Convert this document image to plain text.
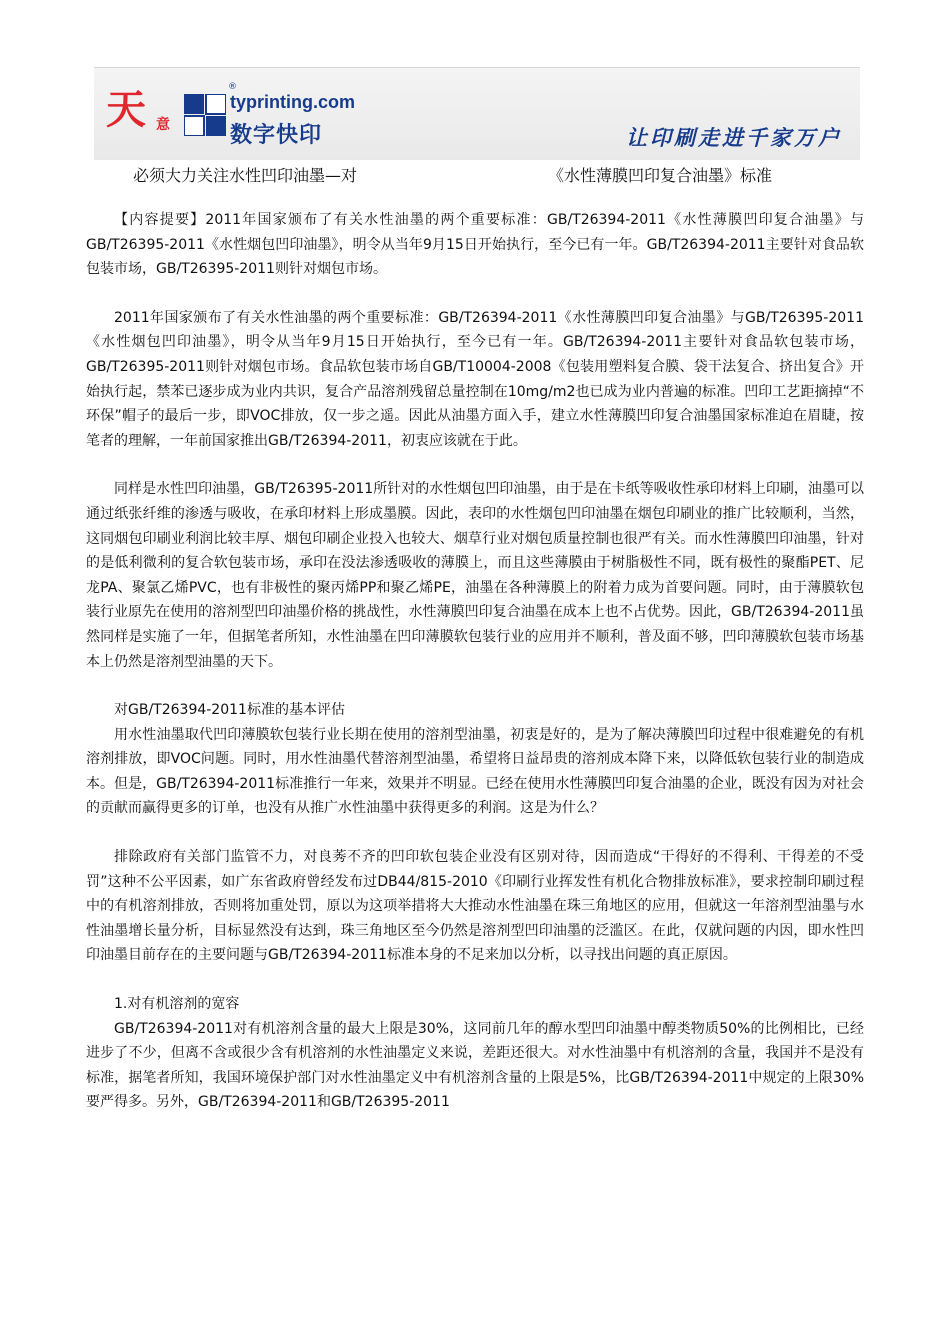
天 意
®
typrinting.com
数字快印	让印刷走进千家万户
必须大力关注水性凹印油墨—对	《水性薄膜凹印复合油墨》标准

【内容提要】2011年国家颁布了有关水性油墨的两个重要标准：GB/T26394-2011《水性薄膜凹印复合油墨》与GB/T26395-2011《水性烟包凹印油墨》，明令从当年9月15日开始执行，至今已有一年。GB/T26394-2011主要针对食品软包装市场，GB/T26395-2011则针对烟包市场。

2011年国家颁布了有关水性油墨的两个重要标准：GB/T26394-2011《水性薄膜凹印复合油墨》与GB/T26395-2011《水性烟包凹印油墨》，明令从当年9月15日开始执行，至今已有一年。GB/T26394-2011主要针对食品软包装市场，GB/T26395-2011则针对烟包市场。食品软包装市场自GB/T10004-2008《包装用塑料复合膜、袋干法复合、挤出复合》开始执行起，禁苯已逐步成为业内共识，复合产品溶剂残留总量控制在10mg/m2也已成为业内普遍的标准。凹印工艺距摘掉“不环保”帽子的最后一步，即VOC排放，仅一步之遥。因此从油墨方面入手，建立水性薄膜凹印复合油墨国家标准迫在眉睫，按笔者的理解，一年前国家推出GB/T26394-2011，初衷应该就在于此。

同样是水性凹印油墨，GB/T26395-2011所针对的水性烟包凹印油墨，由于是在卡纸等吸收性承印材料上印刷，油墨可以通过纸张纤维的渗透与吸收，在承印材料上形成墨膜。因此，表印的水性烟包凹印油墨在烟包印刷业的推广比较顺利，当然，这同烟包印刷业利润比较丰厚、烟包印刷企业投入也较大、烟草行业对烟包质量控制也很严有关。而水性薄膜凹印油墨，针对的是低利微利的复合软包装市场，承印在没法渗透吸收的薄膜上，而且这些薄膜由于树脂极性不同，既有极性的聚酯PET、尼龙PA、聚氯乙烯PVC，也有非极性的聚丙烯PP和聚乙烯PE，油墨在各种薄膜上的附着力成为首要问题。同时，由于薄膜软包装行业原先在使用的溶剂型凹印油墨价格的挑战性，水性薄膜凹印复合油墨在成本上也不占优势。因此，GB/T26394-2011虽然同样是实施了一年，但据笔者所知，水性油墨在凹印薄膜软包装行业的应用并不顺利，普及面不够，凹印薄膜软包装市场基本上仍然是溶剂型油墨的天下。

对GB/T26394-2011标准的基本评估

用水性油墨取代凹印薄膜软包装行业长期在使用的溶剂型油墨，初衷是好的，是为了解决薄膜凹印过程中很难避免的有机溶剂排放，即VOC问题。同时，用水性油墨代替溶剂型油墨，希望将日益昂贵的溶剂成本降下来，以降低软包装行业的制造成本。但是，GB/T26394-2011标准推行一年来，效果并不明显。已经在使用水性薄膜凹印复合油墨的企业，既没有因为对社会的贡献而赢得更多的订单，也没有从推广水性油墨中获得更多的利润。这是为什么？

排除政府有关部门监管不力，对良莠不齐的凹印软包装企业没有区别对待，因而造成“干得好的不得利、干得差的不受罚”这种不公平因素，如广东省政府曾经发布过DB44/815-2010《印刷行业挥发性有机化合物排放标准》，要求控制印刷过程中的有机溶剂排放，否则将加重处罚，原以为这项举措将大大推动水性油墨在珠三角地区的应用，但就这一年溶剂型油墨与水性油墨增长量分析，目标显然没有达到，珠三角地区至今仍然是溶剂型凹印油墨的泛滥区。在此，仅就问题的内因，即水性凹印油墨目前存在的主要问题与GB/T26394-2011标准本身的不足来加以分析，以寻找出问题的真正原因。

1.对有机溶剂的宽容

GB/T26394-2011对有机溶剂含量的最大上限是30%，这同前几年的醇水型凹印油墨中醇类物质50%的比例相比，已经进步了不少，但离不含或很少含有机溶剂的水性油墨定义来说，差距还很大。对水性油墨中有机溶剂的含量，我国并不是没有标准，据笔者所知，我国环境保护部门对水性油墨定义中有机溶剂含量的上限是5%，比GB/T26394-2011中规定的上限30%要严得多。另外，GB/T26394-2011和GB/T26395-2011
